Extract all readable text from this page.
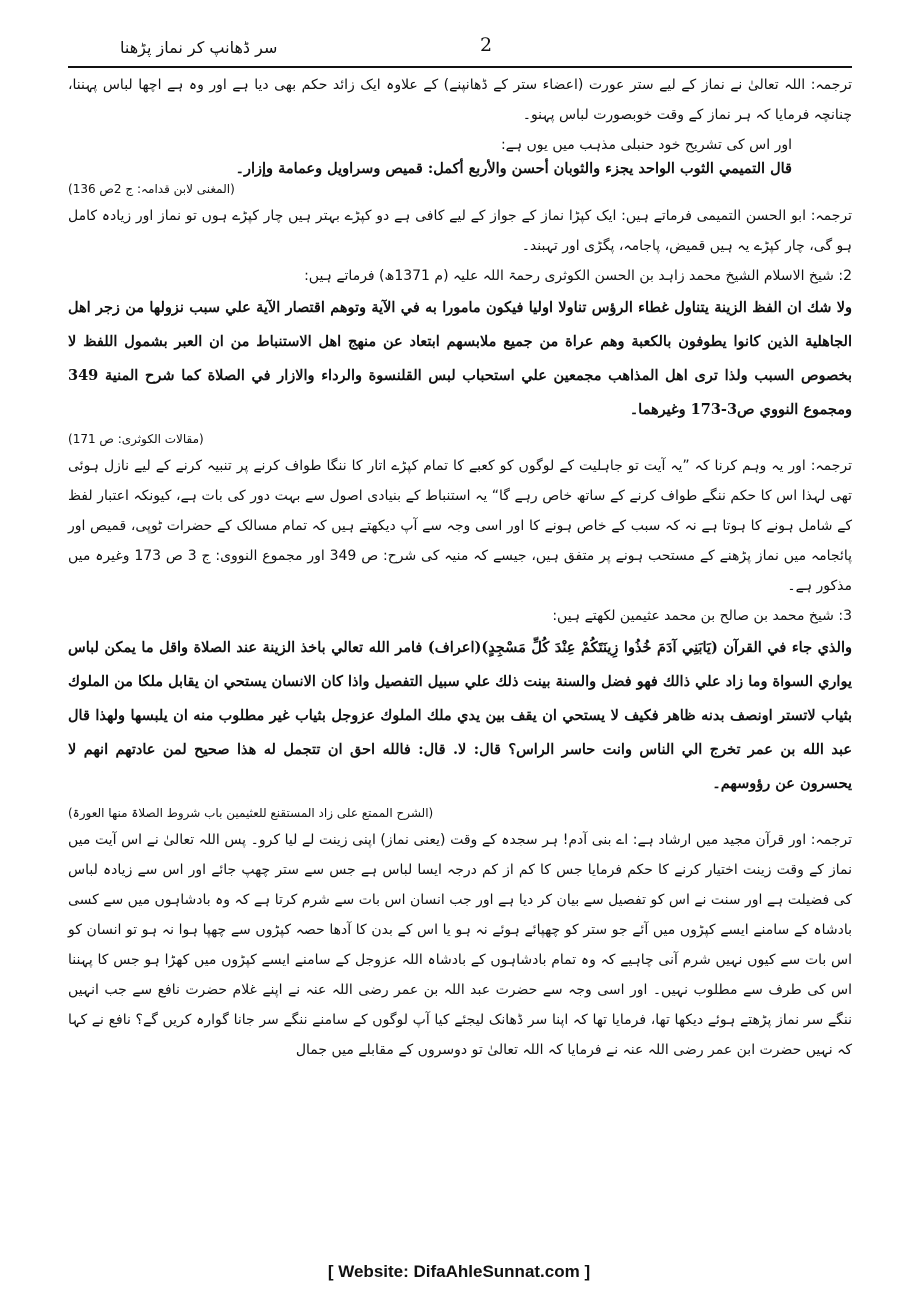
سر ڈھانپ کر نماز پڑھنا	2

ترجمہ: اللہ تعالیٰ نے نماز کے لیے ستر عورت (اعضاء ستر کے ڈھانپنے) کے علاوہ ایک زائد حکم بھی دیا ہے اور وہ ہے اچھا لباس پہننا، چنانچہ فرمایا کہ ہر نماز کے وقت خوبصورت لباس پہنو۔

اور اس کی تشریح خود حنبلی مذہب میں یوں ہے:

قال التميمي الثوب الواحد يجزء والثوبان أحسن والأربع أكمل: قميص وسراويل وعمامة وإزار۔

(المغنی لابن قدامہ: ج 2ص 136)

ترجمہ: ابو الحسن التمیمی فرماتے ہیں: ایک کپڑا نماز کے جواز کے لیے کافی ہے دو کپڑے بہتر ہیں چار کپڑے ہوں تو نماز اور زیادہ کامل ہو گی، چار کپڑے یہ ہیں قمیض، پاجامہ، پگڑی اور تہبند۔

2: شیخ الاسلام الشیخ محمد زاہد بن الحسن الکوثری رحمۃ اللہ علیہ (م 1371ھ) فرماتے ہیں:

ولا شك ان الفظ الزينة يتناول غطاء الرؤس تناولا اوليا فيكون مامورا به في الآية وتوهم اقتصار الآية علي سبب نزولها من زجر اهل الجاهلية الذين كانوا يطوفون بالكعبة وهم عراة من جميع ملابسهم ابتعاد عن منهج اهل الاستنباط من ان العبر بشمول اللفظ لا بخصوص السبب ولذا ترى اهل المذاهب مجمعين علي استحباب لبس القلنسوة والرداء والازار في الصلاة كما شرح المنية 349 ومجموع النووي ص3-173 وغيرهما۔

(مقالات الکوثری: ص 171)

ترجمہ: اور یہ وہم کرنا کہ ”یہ آیت تو جاہلیت کے لوگوں کو کعبے کا تمام کپڑے اتار کا ننگا طواف کرنے پر تنبیہ کرنے کے لیے نازل ہوئی تھی لہذا اس کا حکم ننگے طواف کرنے کے ساتھ خاص رہے گا“ یہ استنباط کے بنیادی اصول سے بہت دور کی بات ہے، کیونکہ اعتبار لفظ کے شامل ہونے کا ہوتا ہے نہ کہ سبب کے خاص ہونے کا اور اسی وجہ سے آپ دیکھتے ہیں کہ تمام مسالک کے حضرات ٹوپی، قمیص اور پائجامہ میں نماز پڑھنے کے مستحب ہونے پر متفق ہیں، جیسے کہ منیہ کی شرح: ص 349 اور مجموع النووی: ج 3 ص 173 وغیرہ میں مذکور ہے۔

3: شیخ محمد بن صالح بن محمد عثیمین لکھتے ہیں:

والذي جاء في القرآن (يَابَنِي آدَمَ خُذُوا زِينَتَكُمْ عِنْدَ كُلِّ مَسْجِدٍ)(اعراف) فامر الله تعالي باخذ الزينة عند الصلاة واقل ما يمكن لباس يواري السواة وما زاد علي ذالك فهو فضل والسنة بينت ذلك علي سبيل التفصيل واذا كان الانسان يستحي ان يقابل ملكا من الملوك بثياب لاتستر اونصف بدنه ظاهر فكيف لا يستحي ان يقف بين يدي ملك الملوك عزوجل بثياب غير مطلوب منه ان يلبسها ولهذا قال عبد الله بن عمر تخرج الي الناس وانت حاسر الراس؟ قال: لا. قال: فالله احق ان تتجمل له هذا صحيح لمن عادتهم انهم لا يحسرون عن رؤوسهم۔

(الشرح الممتع علی زاد المستقنع للعثیمین باب شروط الصلاۃ منھا العورۃ)

ترجمہ: اور قرآن مجید میں ارشاد ہے: اے بنی آدم! ہر سجدہ کے وقت (یعنی نماز) اپنی زینت لے لیا کرو۔ پس اللہ تعالیٰ نے اس آیت میں نماز کے وقت زینت اختیار کرنے کا حکم فرمایا جس کا کم از کم درجہ ایسا لباس ہے جس سے ستر چھپ جائے اور اس سے زیادہ لباس کی فضیلت ہے اور سنت نے اس کو تفصیل سے بیان کر دیا ہے اور جب انسان اس بات سے شرم کرتا ہے کہ وہ بادشاہوں میں سے کسی بادشاہ کے سامنے ایسے کپڑوں میں آئے جو ستر کو چھپائے ہوئے نہ ہو یا اس کے بدن کا آدھا حصہ کپڑوں سے چھپا ہوا نہ ہو تو انسان کو اس بات سے کیوں نہیں شرم آنی چاہیے کہ وہ تمام بادشاہوں کے بادشاہ اللہ عزوجل کے سامنے ایسے کپڑوں میں کھڑا ہو جس کا پہننا اس کی طرف سے مطلوب نہیں۔ اور اسی وجہ سے حضرت عبد اللہ بن عمر رضی اللہ عنہ نے اپنے غلام حضرت نافع سے جب انہیں ننگے سر نماز پڑھتے ہوئے دیکھا تھا، فرمایا تھا کہ اپنا سر ڈھانک لیجئے کیا آپ لوگوں کے سامنے ننگے سر جانا گوارہ کریں گے؟ نافع نے کہا کہ نہیں حضرت ابن عمر رضی اللہ عنہ نے فرمایا کہ اللہ تعالیٰ تو دوسروں کے مقابلے میں جمال

[ Website: DifaAhleSunnat.com ]
